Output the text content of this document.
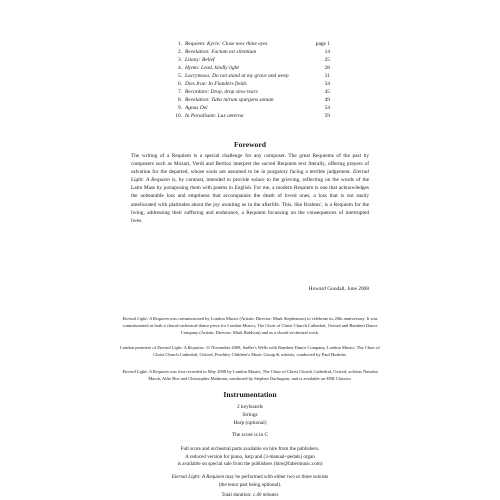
1. Requiem: Kyrie: Close now thine eyes	page 1
2. Revelation: Factum est silentium	14
3. Litany: Belief	25
4. Hymn: Lead, kindly light	28
5. Lacrymosa: Do not stand at my grave and weep	31
6. Dies Irae: In Flanders fields	34
7. Recordare: Drop, drop slow tears	45
8. Revelation: Tuba mirum spargens sonum	49
9. Agnus Dei	54
10. In Paradisum: Lux aeterna	59
Foreword
The writing of a Requiem is a special challenge for any composer. The great Requiems of the past by composers such as Mozart, Verdi and Berlioz interpret the sacred Requiem text literally, offering prayers of salvation for the departed, whose souls are assumed to be in purgatory facing a terrible judgement. Eternal Light: A Requiem is, by contrast, intended to provide solace to the grieving, reflecting on the words of the Latin Mass by juxtaposing them with poems in English. For me, a modern Requiem is one that acknowledges the unbearable loss and emptiness that accompanies the death of loved ones, a loss that is not easily ameliorated with platitudes about the joy awaiting us in the afterlife. This, like Brahms', is a Requiem for the living, addressing their suffering and endurance, a Requiem focussing on the consequences of interrupted lives.
Howard Goodall, June 2008
Eternal Light: A Requiem was commissioned by London Musici (Artistic Director: Mark Stephenson) to celebrate its 20th anniversary. It was commissioned as both a choral-orchestral-dance piece for London Musici, The Choir of Christ Church Cathedral, Oxford and Rambert Dance Company (Artistic Director: Mark Baldwin) and as a choral-orchestral work.
London premiere of Eternal Light: A Requiem: 11 November 2008, Sadler's Wells with Rambert Dance Company, London Musici, The Choir of Christ Church Cathedral, Oxford, Finchley Children's Music Group & soloists, conducted by Paul Hoskins.
Eternal Light: A Requiem was first recorded in May 2008 by London Musici, The Choir of Christ Church Cathedral, Oxford, soloists Natasha Marsh, Alfie Boe and Christopher Maltman, conducted by Stephen Darlington, and is available on EMI Classics.
Instrumentation
2 keyboards
Strings
Harp (optional)
The score is in C
Full score and orchestral parts available on hire from the publishers.
A reduced version for piano, harp and (3-manual+pedals) organ
is available on special sale from the publishers (hire@fabermusic.com)
Eternal Light: A Requiem may be performed with either two or three soloists
(the tenor part being optional).
Total duration: c.40 minutes
